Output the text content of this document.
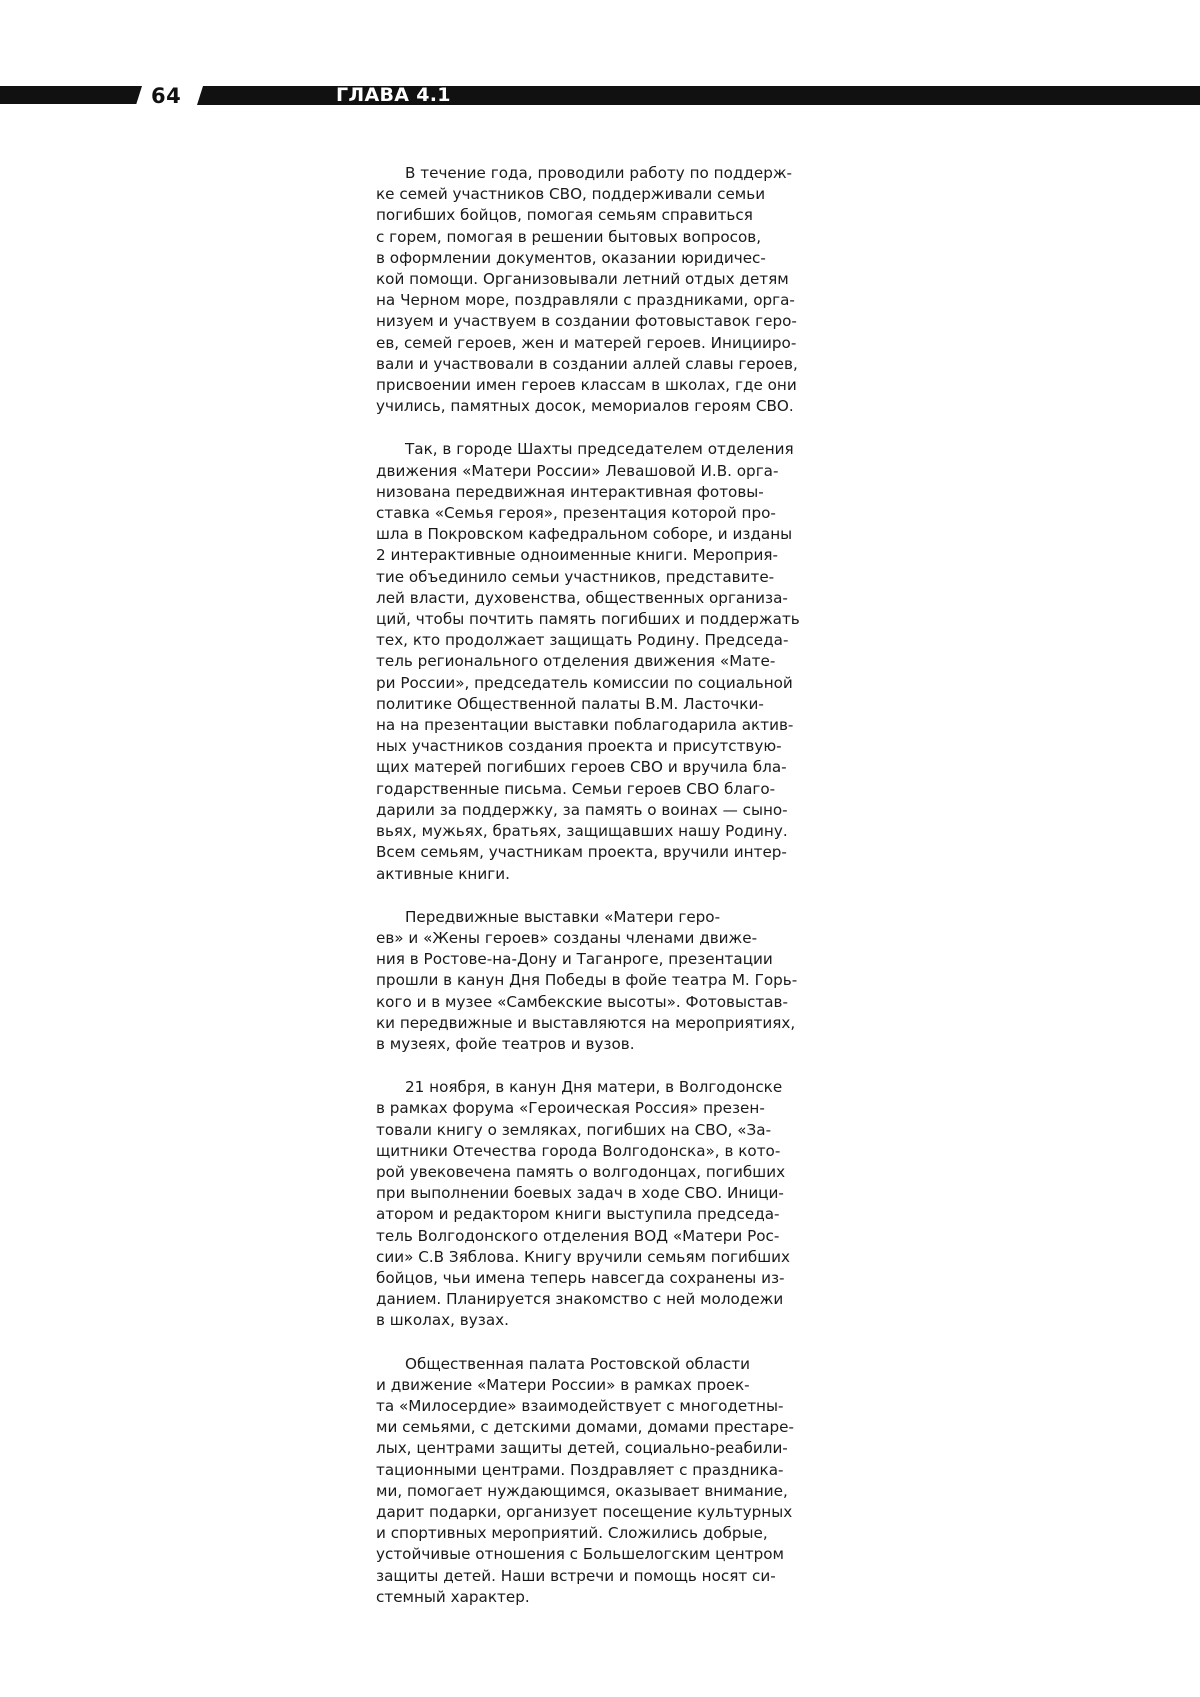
64	ГЛАВА 4.1

В течение года, проводили работу по поддерж-
ке семей участников СВО, поддерживали семьи
погибших бойцов, помогая семьям справиться
с горем, помогая в решении бытовых вопросов,
в оформлении документов, оказании юридичес-
кой помощи. Организовывали летний отдых детям
на Черном море, поздравляли с праздниками, орга-
низуем и участвуем в создании фотовыставок геро-
ев, семей героев, жен и матерей героев. Иницииро-
вали и участвовали в создании аллей славы героев,
присвоении имен героев классам в школах, где они
учились, памятных досок, мемориалов героям СВО.

Так, в городе Шахты председателем отделения
движения «Матери России» Левашовой И.В. орга-
низована передвижная интерактивная фотовы-
ставка «Семья героя», презентация которой про-
шла в Покровском кафедральном соборе, и изданы
2 интерактивные одноименные книги. Мероприя-
тие объединило семьи участников, представите-
лей власти, духовенства, общественных организа-
ций, чтобы почтить память погибших и поддержать
тех, кто продолжает защищать Родину. Председа-
тель регионального отделения движения «Мате-
ри России», председатель комиссии по социальной
политике Общественной палаты В.М. Ласточки-
на на презентации выставки поблагодарила актив-
ных участников создания проекта и присутствую-
щих матерей погибших героев СВО и вручила бла-
годарственные письма. Семьи героев СВО благо-
дарили за поддержку, за память о воинах — сыно-
вьях, мужьях, братьях, защищавших нашу Родину.
Всем семьям, участникам проекта, вручили интер-
активные книги.

Передвижные выставки «Матери геро-
ев» и «Жены героев» созданы членами движе-
ния в Ростове-на-Дону и Таганроге, презентации
прошли в канун Дня Победы в фойе театра М. Горь-
кого и в музее «Самбекские высоты». Фотовыстав-
ки передвижные и выставляются на мероприятиях,
в музеях, фойе театров и вузов.

21 ноября, в канун Дня матери, в Волгодонске
в рамках форума «Героическая Россия» презен-
товали книгу о земляках, погибших на СВО, «За-
щитники Отечества города Волгодонска», в кото-
рой увековечена память о волгодонцах, погибших
при выполнении боевых задач в ходе СВО. Иници-
атором и редактором книги выступила председа-
тель Волгодонского отделения ВОД «Матери Рос-
сии» С.В Зяблова. Книгу вручили семьям погибших
бойцов, чьи имена теперь навсегда сохранены из-
данием. Планируется знакомство с ней молодежи
в школах, вузах.

Общественная палата Ростовской области
и движение «Матери России» в рамках проек-
та «Милосердие» взаимодействует с многодетны-
ми семьями, с детскими домами, домами престаре-
лых, центрами защиты детей, социально-реабили-
тационными центрами. Поздравляет с праздника-
ми, помогает нуждающимся, оказывает внимание,
дарит подарки, организует посещение культурных
и спортивных мероприятий. Сложились добрые,
устойчивые отношения с Большелогским центром
защиты детей. Наши встречи и помощь носят си-
стемный характер.
